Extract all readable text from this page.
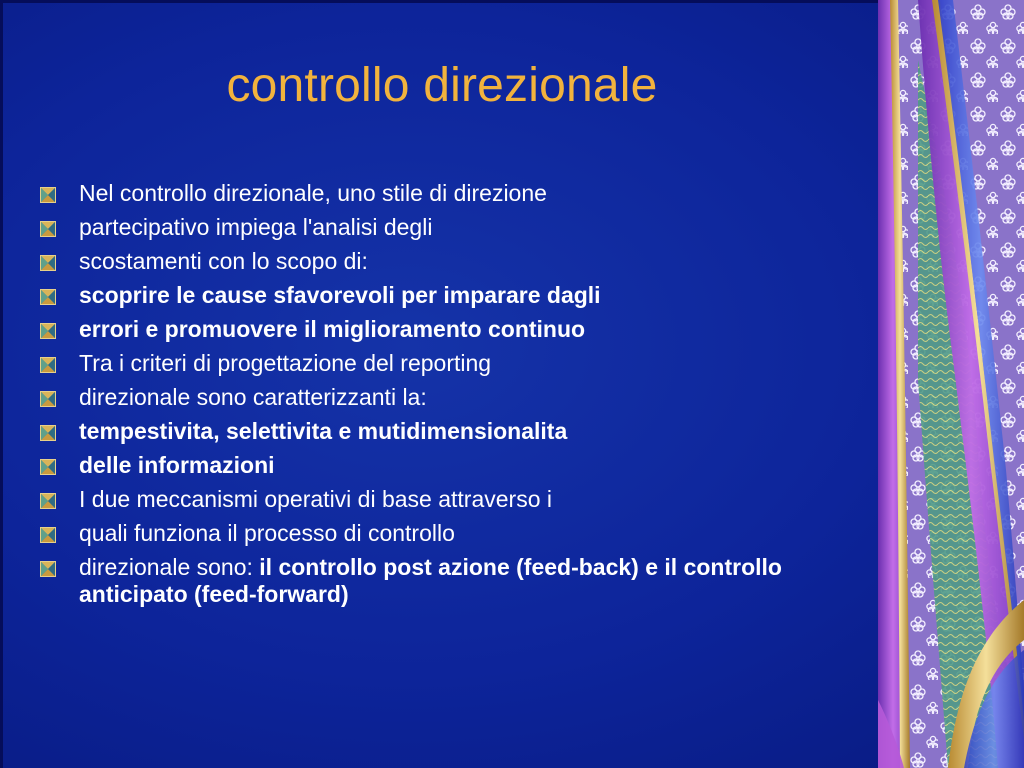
controllo direzionale
Nel controllo direzionale, uno stile di direzione
partecipativo impiega l'analisi degli
scostamenti con lo scopo di:
scoprire le cause sfavorevoli per imparare dagli
errori e promuovere il miglioramento continuo
Tra i criteri di progettazione del reporting
direzionale sono caratterizzanti la:
tempestivita, selettivita e mutidimensionalita
delle informazioni
I due meccanismi operativi di base attraverso i
quali funziona il processo di controllo
direzionale sono: il controllo post azione (feed-back) e il controllo anticipato (feed-forward)
